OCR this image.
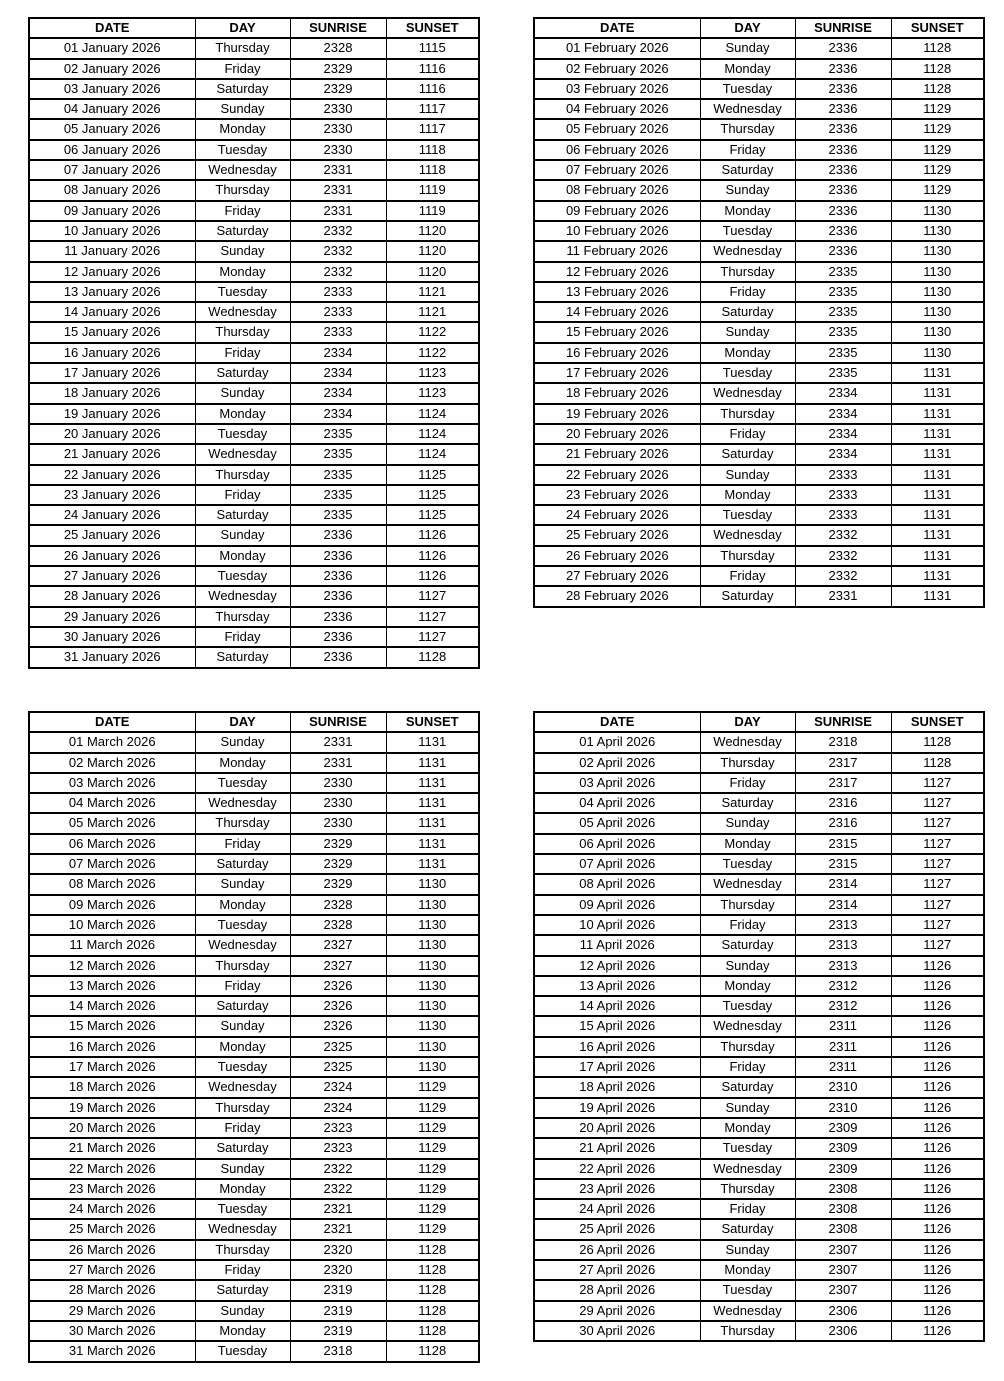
DATE	DAY	SUNRISE	SUNSET
01 January 2026	Thursday	2328	1115
02 January 2026	Friday	2329	1116
03 January 2026	Saturday	2329	1116
04 January 2026	Sunday	2330	1117
05 January 2026	Monday	2330	1117
06 January 2026	Tuesday	2330	1118
07 January 2026	Wednesday	2331	1118
08 January 2026	Thursday	2331	1119
09 January 2026	Friday	2331	1119
10 January 2026	Saturday	2332	1120
11 January 2026	Sunday	2332	1120
12 January 2026	Monday	2332	1120
13 January 2026	Tuesday	2333	1121
14 January 2026	Wednesday	2333	1121
15 January 2026	Thursday	2333	1122
16 January 2026	Friday	2334	1122
17 January 2026	Saturday	2334	1123
18 January 2026	Sunday	2334	1123
19 January 2026	Monday	2334	1124
20 January 2026	Tuesday	2335	1124
21 January 2026	Wednesday	2335	1124
22 January 2026	Thursday	2335	1125
23 January 2026	Friday	2335	1125
24 January 2026	Saturday	2335	1125
25 January 2026	Sunday	2336	1126
26 January 2026	Monday	2336	1126
27 January 2026	Tuesday	2336	1126
28 January 2026	Wednesday	2336	1127
29 January 2026	Thursday	2336	1127
30 January 2026	Friday	2336	1127
31 January 2026	Saturday	2336	1128
DATE	DAY	SUNRISE	SUNSET
01 February 2026	Sunday	2336	1128
02 February 2026	Monday	2336	1128
03 February 2026	Tuesday	2336	1128
04 February 2026	Wednesday	2336	1129
05 February 2026	Thursday	2336	1129
06 February 2026	Friday	2336	1129
07 February 2026	Saturday	2336	1129
08 February 2026	Sunday	2336	1129
09 February 2026	Monday	2336	1130
10 February 2026	Tuesday	2336	1130
11 February 2026	Wednesday	2336	1130
12 February 2026	Thursday	2335	1130
13 February 2026	Friday	2335	1130
14 February 2026	Saturday	2335	1130
15 February 2026	Sunday	2335	1130
16 February 2026	Monday	2335	1130
17 February 2026	Tuesday	2335	1131
18 February 2026	Wednesday	2334	1131
19 February 2026	Thursday	2334	1131
20 February 2026	Friday	2334	1131
21 February 2026	Saturday	2334	1131
22 February 2026	Sunday	2333	1131
23 February 2026	Monday	2333	1131
24 February 2026	Tuesday	2333	1131
25 February 2026	Wednesday	2332	1131
26 February 2026	Thursday	2332	1131
27 February 2026	Friday	2332	1131
28 February 2026	Saturday	2331	1131
DATE	DAY	SUNRISE	SUNSET
01 March 2026	Sunday	2331	1131
02 March 2026	Monday	2331	1131
03 March 2026	Tuesday	2330	1131
04 March 2026	Wednesday	2330	1131
05 March 2026	Thursday	2330	1131
06 March 2026	Friday	2329	1131
07 March 2026	Saturday	2329	1131
08 March 2026	Sunday	2329	1130
09 March 2026	Monday	2328	1130
10 March 2026	Tuesday	2328	1130
11 March 2026	Wednesday	2327	1130
12 March 2026	Thursday	2327	1130
13 March 2026	Friday	2326	1130
14 March 2026	Saturday	2326	1130
15 March 2026	Sunday	2326	1130
16 March 2026	Monday	2325	1130
17 March 2026	Tuesday	2325	1130
18 March 2026	Wednesday	2324	1129
19 March 2026	Thursday	2324	1129
20 March 2026	Friday	2323	1129
21 March 2026	Saturday	2323	1129
22 March 2026	Sunday	2322	1129
23 March 2026	Monday	2322	1129
24 March 2026	Tuesday	2321	1129
25 March 2026	Wednesday	2321	1129
26 March 2026	Thursday	2320	1128
27 March 2026	Friday	2320	1128
28 March 2026	Saturday	2319	1128
29 March 2026	Sunday	2319	1128
30 March 2026	Monday	2319	1128
31 March 2026	Tuesday	2318	1128
DATE	DAY	SUNRISE	SUNSET
01 April 2026	Wednesday	2318	1128
02 April 2026	Thursday	2317	1128
03 April 2026	Friday	2317	1127
04 April 2026	Saturday	2316	1127
05 April 2026	Sunday	2316	1127
06 April 2026	Monday	2315	1127
07 April 2026	Tuesday	2315	1127
08 April 2026	Wednesday	2314	1127
09 April 2026	Thursday	2314	1127
10 April 2026	Friday	2313	1127
11 April 2026	Saturday	2313	1127
12 April 2026	Sunday	2313	1126
13 April 2026	Monday	2312	1126
14 April 2026	Tuesday	2312	1126
15 April 2026	Wednesday	2311	1126
16 April 2026	Thursday	2311	1126
17 April 2026	Friday	2311	1126
18 April 2026	Saturday	2310	1126
19 April 2026	Sunday	2310	1126
20 April 2026	Monday	2309	1126
21 April 2026	Tuesday	2309	1126
22 April 2026	Wednesday	2309	1126
23 April 2026	Thursday	2308	1126
24 April 2026	Friday	2308	1126
25 April 2026	Saturday	2308	1126
26 April 2026	Sunday	2307	1126
27 April 2026	Monday	2307	1126
28 April 2026	Tuesday	2307	1126
29 April 2026	Wednesday	2306	1126
30 April 2026	Thursday	2306	1126
